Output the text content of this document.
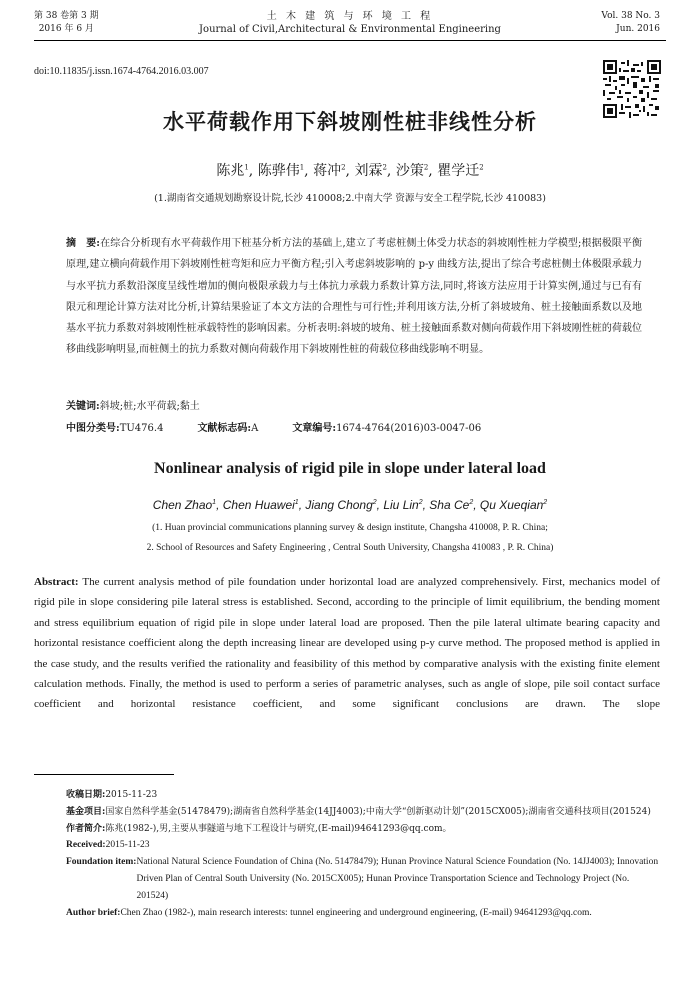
第 38 卷第 3 期
2016 年 6 月
土 木 建 筑 与 环 境 工 程
Journal of Civil,Architectural & Environmental Engineering
Vol. 38 No. 3
Jun. 2016
doi:10.11835/j.issn.1674-4764.2016.03.007
水平荷载作用下斜坡刚性桩非线性分析
陈兆$^1$, 陈骅伟$^1$, 蒋冲$^2$, 刘霖$^2$, 沙策$^2$, 瞿学迁$^2$
(1.湖南省交通规划勘察设计院,长沙 410008;2.中南大学 资源与安全工程学院,长沙 410083)
摘　要:在综合分析现有水平荷载作用下桩基分析方法的基础上,建立了考虑桩侧土体受力状态的斜坡刚性桩力学模型;根据极限平衡原理,建立横向荷载作用下斜坡刚性桩弯矩和应力平衡方程;引入考虑斜坡影响的 p-y 曲线方法,提出了综合考虑桩侧土体极限承载力与水平抗力系数沿深度呈线性增加的侧向极限承载力与土体抗力承载力系数计算方法,同时,将该方法应用于计算实例,通过与已有有限元和理论计算方法对比分析,计算结果验证了本文方法的合理性与可行性;并利用该方法,分析了斜坡坡角、桩土接触面系数以及地基水平抗力系数对斜坡刚性桩承载特性的影响因素。分析表明:斜坡的坡角、桩土接触面系数对侧向荷载作用下斜坡刚性桩的荷载位移曲线影响明显,而桩侧土的抗力系数对侧向荷载作用下斜坡刚性桩的荷载位移曲线影响不明显。
关键词:斜坡;桩;水平荷载;黏土
中图分类号:TU476.4	文献标志码:A	文章编号:1674-4764(2016)03-0047-06
Nonlinear analysis of rigid pile in slope under lateral load
Chen Zhao$^1$, Chen Huawei$^1$, Jiang Chong$^2$, Liu Lin$^2$, Sha Ce$^2$, Qu Xueqian$^2$
(1. Huan provincial communications planning survey & design institute, Changsha 410008, P. R. China;
2. School of Resources and Safety Engineering , Central South University, Changsha 410083 , P. R. China)
Abstract: The current analysis method of pile foundation under horizontal load are analyzed comprehensively. First, mechanics model of rigid pile in slope considering pile lateral stress is established. Second, according to the principle of limit equilibrium, the bending moment and stress equilibrium equation of rigid pile in slope under lateral load are proposed. Then the pile lateral ultimate bearing capacity and horizontal resistance coefficient along the depth increasing linear are developed using p-y curve method. The proposed method is applied in the case study, and the results verified the rationality and feasibility of this method by comparative analysis with the existing finite element calculation methods. Finally, the method is used to perform a series of parametric analyses, such as angle of slope, pile soil contact surface coefficient and horizontal resistance coefficient, and some significant conclusions are drawn. The slope
收稿日期: 2015-11-23
基金项目: 国家自然科学基金(51478479);湖南省自然科学基金(14JJ4003);中南大学“创新驱动计划”(2015CX005);湖南省交通科技项目(201524)
作者简介: 陈兆(1982-),男,主要从事隧道与地下工程设计与研究,(E-mail)94641293@qq.com。
Received: 2015-11-23
Foundation item: National Natural Science Foundation of China (No. 51478479); Hunan Province Natural Science Foundation (No. 14JJ4003); Innovation Driven Plan of Central South University (No. 2015CX005); Hunan Province Transportation Science and Technology Project (No. 201524)
Author brief: Chen Zhao (1982-), main research interests: tunnel engineering and underground engineering, (E-mail) 94641293@qq.com.
